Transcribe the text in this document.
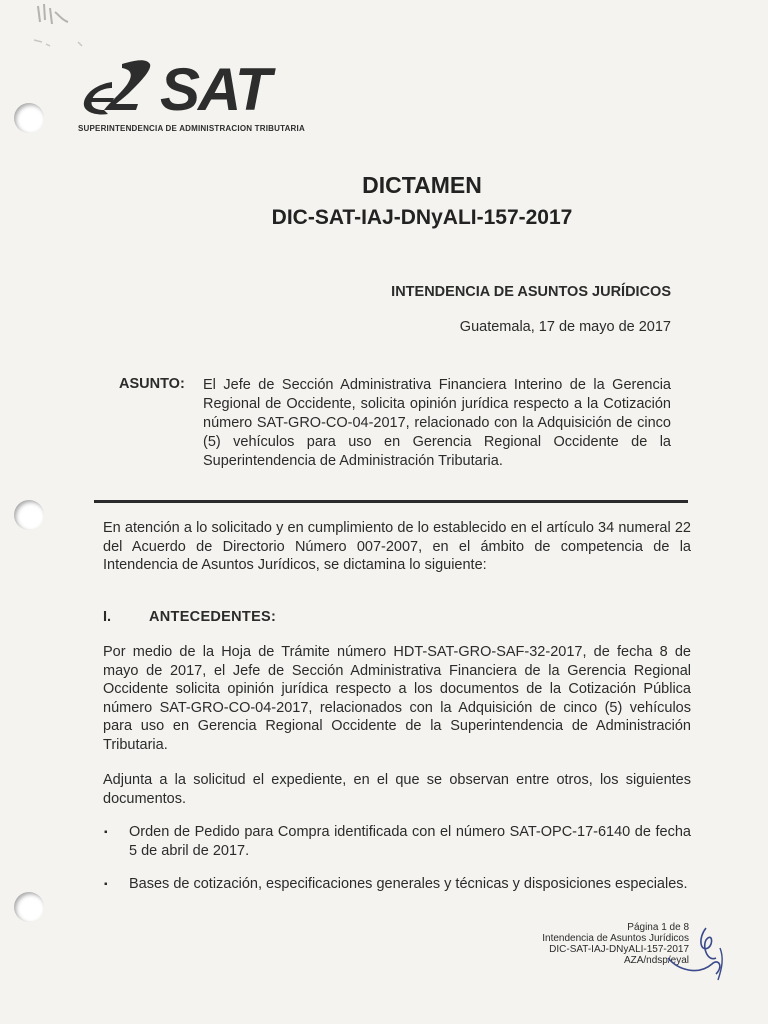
SAT
SUPERINTENDENCIA DE ADMINISTRACION TRIBUTARIA
DICTAMEN
DIC-SAT-IAJ-DNyALI-157-2017
INTENDENCIA DE ASUNTOS JURÍDICOS
Guatemala, 17 de mayo de 2017
ASUNTO: El Jefe de Sección Administrativa Financiera Interino de la Gerencia Regional de Occidente, solicita opinión jurídica respecto a la Cotización número SAT-GRO-CO-04-2017, relacionado con la Adquisición de cinco (5) vehículos para uso en Gerencia Regional Occidente de la Superintendencia de Administración Tributaria.
En atención a lo solicitado y en cumplimiento de lo establecido en el artículo 34 numeral 22 del Acuerdo de Directorio Número 007-2007, en el ámbito de competencia de la Intendencia de Asuntos Jurídicos, se dictamina lo siguiente:
I.	ANTECEDENTES:
Por medio de la Hoja de Trámite número HDT-SAT-GRO-SAF-32-2017, de fecha 8 de mayo de 2017, el Jefe de Sección Administrativa Financiera de la Gerencia Regional Occidente solicita opinión jurídica respecto a los documentos de la Cotización Pública número SAT-GRO-CO-04-2017, relacionados con la Adquisición de cinco (5) vehículos para uso en Gerencia Regional Occidente de la Superintendencia de Administración Tributaria.
Adjunta a la solicitud el expediente, en el que se observan entre otros, los siguientes documentos.
▪ Orden de Pedido para Compra identificada con el número SAT-OPC-17-6140 de fecha 5 de abril de 2017.
▪ Bases de cotización, especificaciones generales y técnicas y disposiciones especiales.
Página 1 de 8
Intendencia de Asuntos Jurídicos
DIC-SAT-IAJ-DNyALI-157-2017
AZA/ndsp/eyal
